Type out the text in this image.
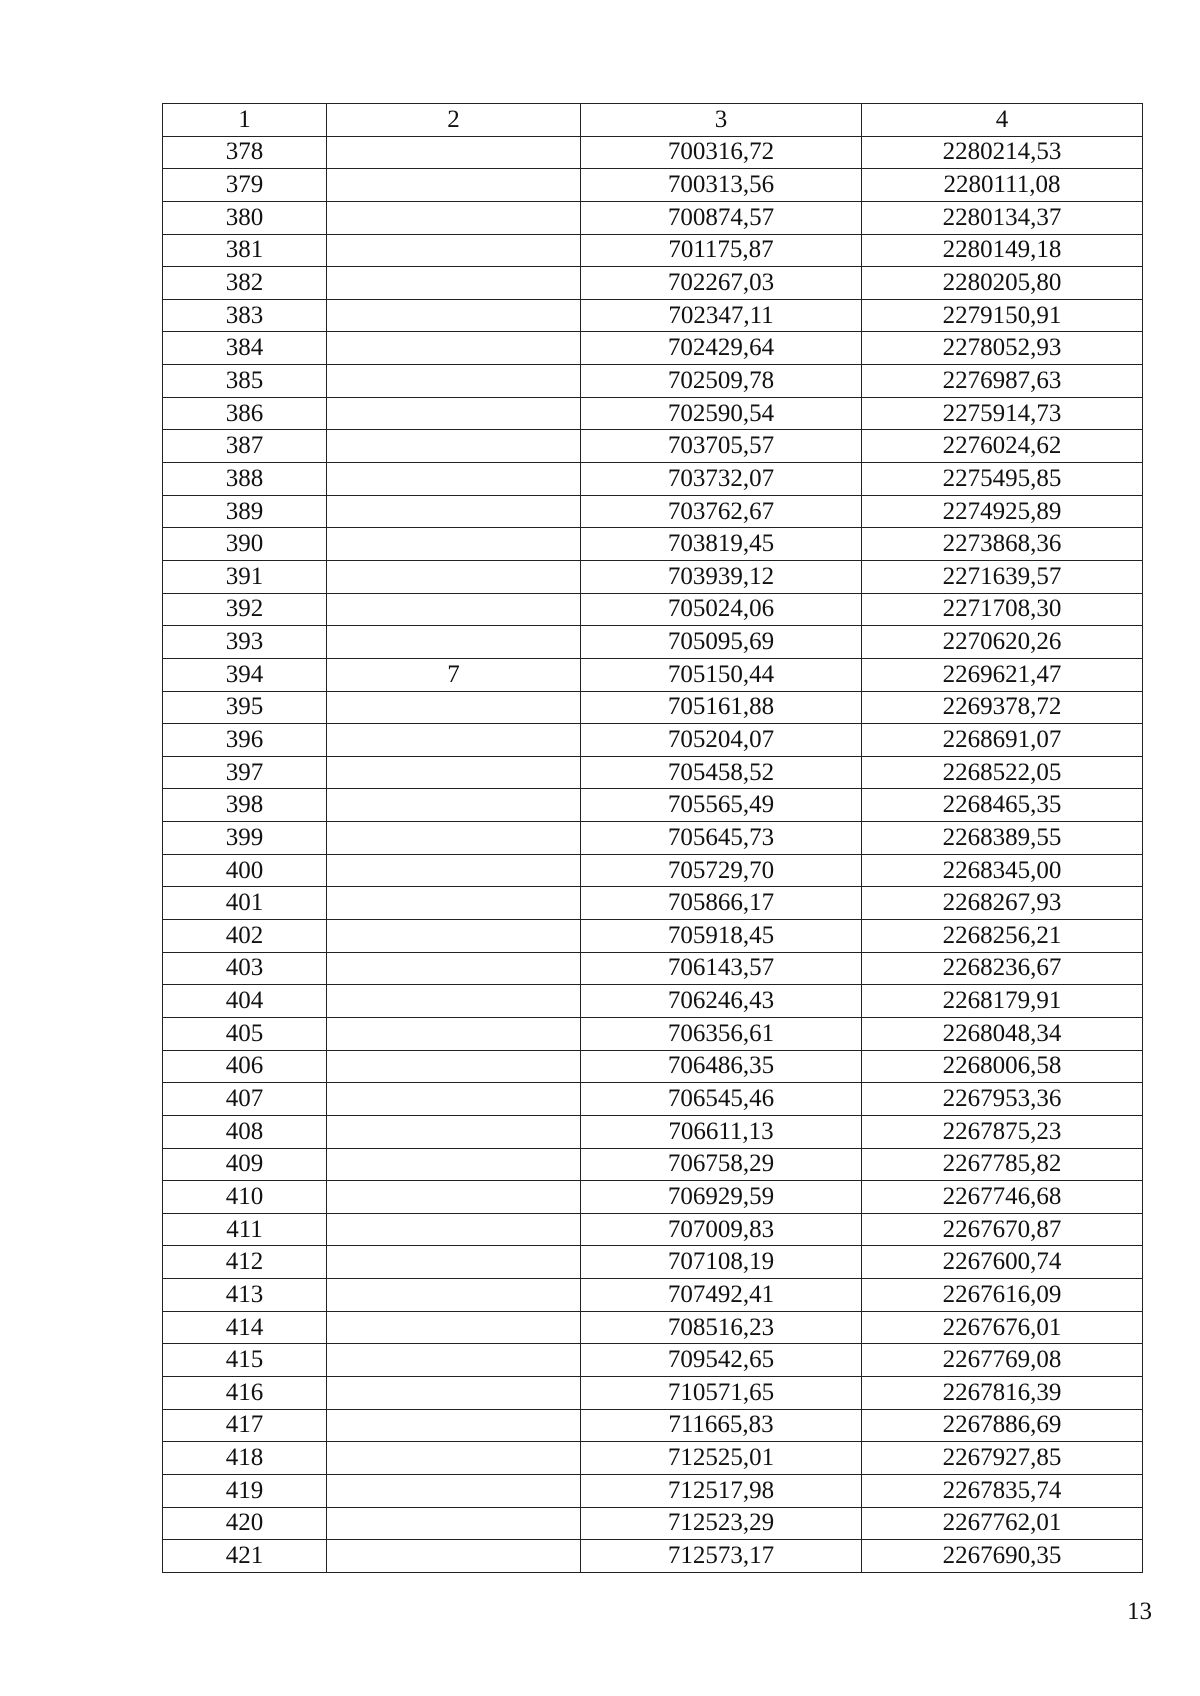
1	2	3	4
378		700316,72	2280214,53
379		700313,56	2280111,08
380		700874,57	2280134,37
381		701175,87	2280149,18
382		702267,03	2280205,80
383		702347,11	2279150,91
384		702429,64	2278052,93
385		702509,78	2276987,63
386		702590,54	2275914,73
387		703705,57	2276024,62
388		703732,07	2275495,85
389		703762,67	2274925,89
390		703819,45	2273868,36
391		703939,12	2271639,57
392		705024,06	2271708,30
393		705095,69	2270620,26
394	7	705150,44	2269621,47
395		705161,88	2269378,72
396		705204,07	2268691,07
397		705458,52	2268522,05
398		705565,49	2268465,35
399		705645,73	2268389,55
400		705729,70	2268345,00
401		705866,17	2268267,93
402		705918,45	2268256,21
403		706143,57	2268236,67
404		706246,43	2268179,91
405		706356,61	2268048,34
406		706486,35	2268006,58
407		706545,46	2267953,36
408		706611,13	2267875,23
409		706758,29	2267785,82
410		706929,59	2267746,68
411		707009,83	2267670,87
412		707108,19	2267600,74
413		707492,41	2267616,09
414		708516,23	2267676,01
415		709542,65	2267769,08
416		710571,65	2267816,39
417		711665,83	2267886,69
418		712525,01	2267927,85
419		712517,98	2267835,74
420		712523,29	2267762,01
421		712573,17	2267690,35
13
